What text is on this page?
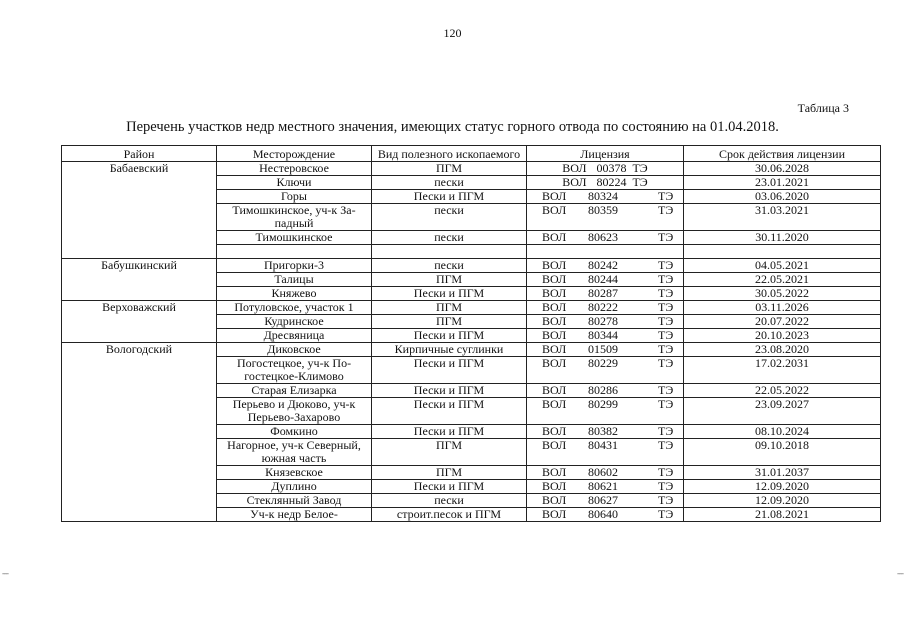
120
Таблица 3
Перечень участков недр местного значения, имеющих статус горного отвода по состоянию на 01.04.2018.
---	---
Район	Месторождение	Вид полезного ископаемого	Лицензия	Срок действия лицензии
Бабаевский	Нестеровское	ПГМ	ВОЛ 00378 ТЭ	30.06.2028
	Ключи	пески	ВОЛ 80224 ТЭ	23.01.2021
	Горы	Пески и ПГМ	ВОЛ 80324 ТЭ	03.06.2020
	Тимошкинское, уч-к За-падный	пески	ВОЛ 80359 ТЭ	31.03.2021
	Тимошкинское	пески	ВОЛ 80623 ТЭ	30.11.2020

Бабушкинский	Пригорки-3	пески	ВОЛ 80242 ТЭ	04.05.2021
	Талицы	ПГМ	ВОЛ 80244 ТЭ	22.05.2021
	Княжево	Пески и ПГМ	ВОЛ 80287 ТЭ	30.05.2022
Верховажский	Потуловское, участок 1	ПГМ	ВОЛ 80222 ТЭ	03.11.2026
	Кудринское	ПГМ	ВОЛ 80278 ТЭ	20.07.2022
	Дресвяница	Пески и ПГМ	ВОЛ 80344 ТЭ	20.10.2023
Вологодский	Диковское	Кирпичные суглинки	ВОЛ 01509 ТЭ	23.08.2020
	Погостецкое, уч-к По-гостецкое-Климово	Пески и ПГМ	ВОЛ 80229 ТЭ	17.02.2031
	Старая Елизарка	Пески и ПГМ	ВОЛ 80286 ТЭ	22.05.2022
	Перьево и Дюково, уч-к Перьево-Захарово	Пески и ПГМ	ВОЛ 80299 ТЭ	23.09.2027
	Фомкино	Пески и ПГМ	ВОЛ 80382 ТЭ	08.10.2024
	Нагорное, уч-к Северный, южная часть	ПГМ	ВОЛ 80431 ТЭ	09.10.2018
	Князевское	ПГМ	ВОЛ 80602 ТЭ	31.01.2037
	Дуплино	Пески и ПГМ	ВОЛ 80621 ТЭ	12.09.2020
	Стеклянный Завод	пески	ВОЛ 80627 ТЭ	12.09.2020
	Уч-к недр Белое-	строит.песок и ПГМ	ВОЛ 80640 ТЭ	21.08.2021
